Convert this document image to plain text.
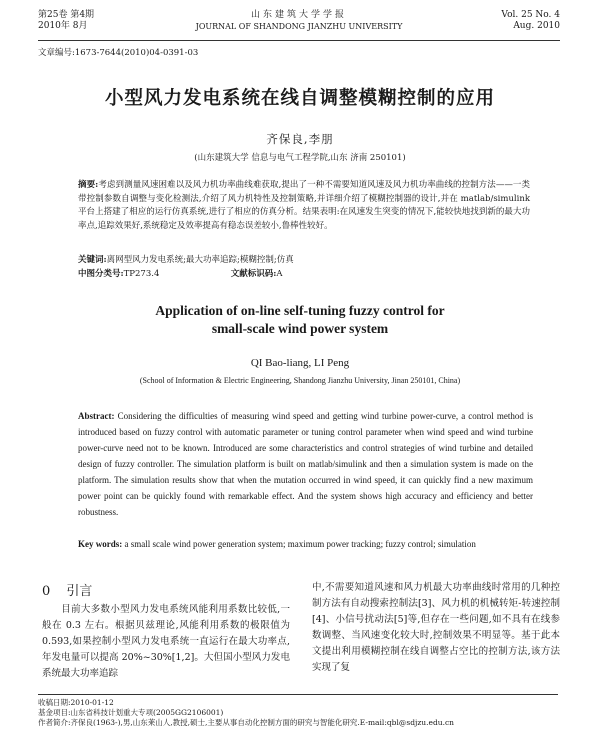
第25卷 第4期
2010年 8月
山东建筑大学学报
JOURNAL OF SHANDONG JIANZHU UNIVERSITY
Vol. 25 No. 4
Aug. 2010
文章编号:1673-7644(2010)04-0391-03
小型风力发电系统在线自调整模糊控制的应用
齐保良,李朋
(山东建筑大学 信息与电气工程学院,山东 济南 250101)
摘要:考虑到测量风速困难以及风力机功率曲线难获取,提出了一种不需要知道风速及风力机功率曲线的控制方法——一类带控制参数自调整与变化检测法,介绍了风力机特性及控制策略,并详细介绍了模糊控制器的设计,并在 matlab/simulink 平台上搭建了相应的运行仿真系统,进行了相应的仿真分析。结果表明:在风速发生突变的情况下,能较快地找到新的最大功率点,追踪效果好,系统稳定及效率提高有稳态误差较小,鲁棒性较好。
关键词:离网型风力发电系统;最大功率追踪;模糊控制;仿真
中图分类号:TP273.4	文献标识码:A
Application of on-line self-tuning fuzzy control for
small-scale wind power system
QI Bao-liang, LI Peng
(School of Information & Electric Engineering, Shandong Jianzhu University, Jinan 250101, China)
Abstract: Considering the difficulties of measuring wind speed and getting wind turbine power-curve, a control method is introduced based on fuzzy control with automatic parameter or tuning control parameter when wind speed and wind turbine power-curve need not to be known. Introduced are some characteristics and control strategies of wind turbine and detailed design of fuzzy controller. The simulation platform is built on matlab/simulink and then a simulation system is made on the platform. The simulation results show that when the mutation occurred in wind speed, it can quickly find a new maximum power point can be quickly found with remarkable effect. And the system shows high accuracy and efficiency and better robustness.
Key words: a small scale wind power generation system; maximum power tracking; fuzzy control; simulation
0 引言
目前大多数小型风力发电系统风能利用系数比较低,一般在 0.3 左右。根据贝兹理论,风能利用系数的极限值为 0.593,如果控制小型风力发电系统一直运行在最大功率点,年发电量可以提高 20%~30%[1,2]。大但国小型风力发电系统最大功率追踪
中,不需要知道风速和风力机最大功率曲线时常用的几种控制方法有自动搜索控制法[3]、风力机的机械转矩-转速控制[4]、小信号扰动法[5]等,但存在一些问题,如不具有在线参数调整、当风速变化较大时,控制效果不明显等。基于此本文提出利用模糊控制在线自调整占空比的控制方法,该方法实现了复
收稿日期:2010-01-12
基金项目:山东省科技计划重大专项(2005GG2106001)
作者简介:齐保良(1963-),男,山东莱山人,教授,硕士,主要从事自动化控制方面的研究与智能化研究.E-mail:qbl@sdjzu.edu.cn
